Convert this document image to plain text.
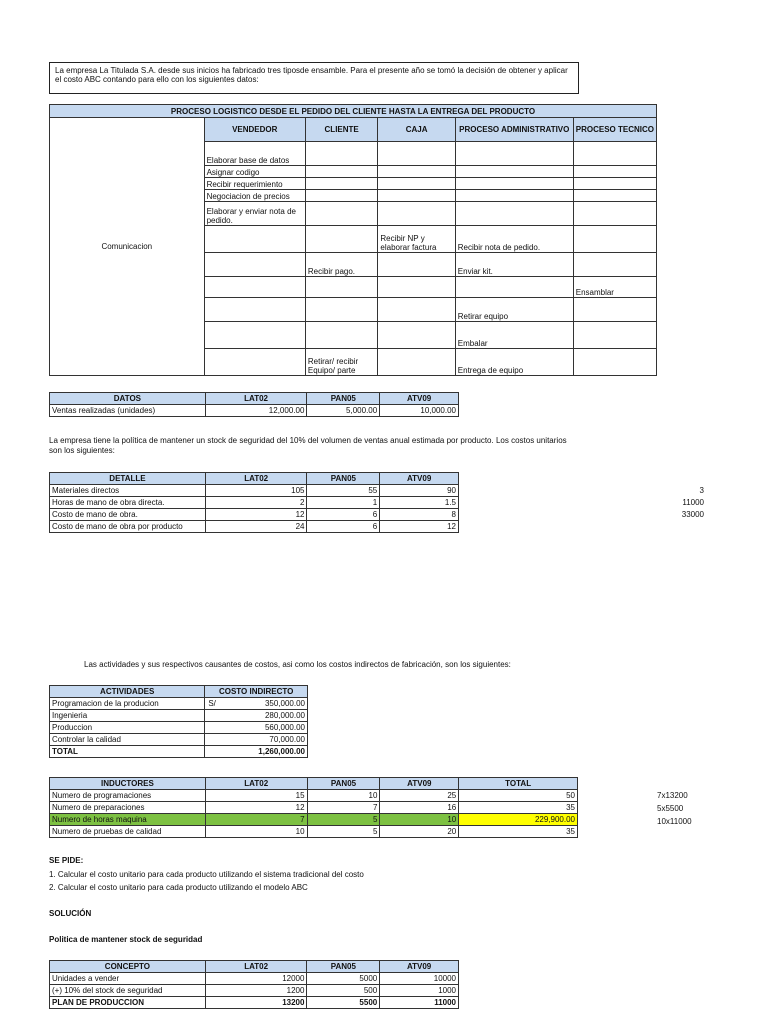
La empresa La Titulada S.A. desde sus inicios ha fabricado tres tiposde ensamble. Para el presente año se tomó la decisión de obtener y aplicar el costo ABC contando para ello con los siguientes datos:
PROCESO LOGISTICO DESDE EL PEDIDO DEL CLIENTE HASTA LA ENTREGA DEL PRODUCTO					
Comunicacion	VENDEDOR	CLIENTE	CAJA	PROCESO ADMINISTRATIVO	PROCESO TECNICO
	Elaborar base de datos				
	Asignar codigo				
	Recibir requerimiento				
	Negociacion de precios				
	Elaborar y enviar nota de pedido.				
			Recibir NP y elaborar factura	Recibir nota de pedido.	
		Recibir pago.		Enviar kit.	
					Ensamblar
				Retirar equipo	
				Embalar	
		Retirar/ recibir Equipo/ parte		Entrega de equipo	
DATOS	LAT02	PAN05	ATV09
Ventas realizadas (unidades)	12,000.00	5,000.00	10,000.00
La empresa tiene la política de mantener un stock de seguridad del 10% del volumen de ventas anual estimada por producto. Los costos unitarios son los siguientes:
DETALLE	LAT02	PAN05	ATV09
Materiales directos	105	55	90
Horas de mano de obra directa.	2	1	1.5
Costo de mano de obra.	12	6	8
Costo de mano de obra por producto	24	6	12
3
11000
33000
Las actividades y sus respectivos causantes de costos, asi como los costos indirectos de fabricación, son los siguientes:
ACTIVIDADES	COSTO INDIRECTO
Programacion de la producion	S/ 350,000.00
Ingenieria	280,000.00
Produccion	560,000.00
Controlar la calidad	70,000.00
TOTAL	1,260,000.00
INDUCTORES	LAT02	PAN05	ATV09	TOTAL
Numero de programaciones	15	10	25	50
Numero de preparaciones	12	7	16	35
Numero de horas maquina	7	5	10	229,900.00
Numero de pruebas de calidad	10	5	20	35
7x13200
5x5500
10x11000
SE PIDE:
1. Calcular el costo unitario para cada producto utilizando el sistema tradicional del costo
2. Calcular el costo unitario para cada producto utilizando el modelo ABC
SOLUCIÓN
Politica de mantener stock de seguridad
CONCEPTO	LAT02	PAN05	ATV09
Unidades a vender	12000	5000	10000
(+) 10% del stock de seguridad	1200	500	1000
PLAN DE PRODUCCION	13200	5500	11000
